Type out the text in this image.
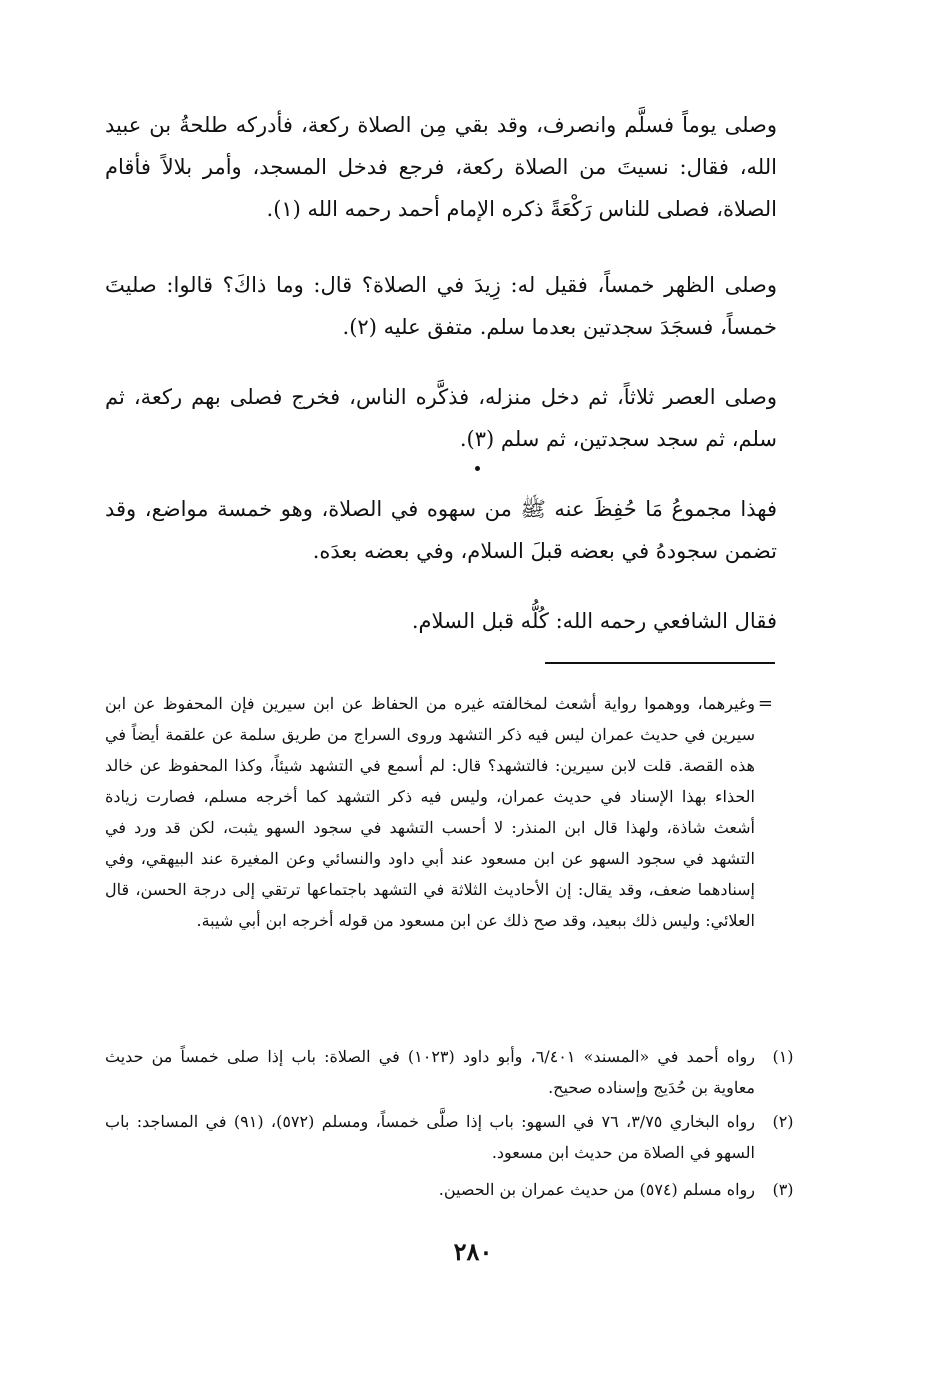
وصلى يوماً فسلَّم وانصرف، وقد بقي مِن الصلاة ركعة، فأدركه طلحةُ بن عبيد الله، فقال: نسيتَ من الصلاة ركعة، فرجع فدخل المسجد، وأمر بلالاً فأقام الصلاة، فصلى للناس رَكْعَةً ذكره الإمام أحمد رحمه الله (١).

وصلى الظهر خمساً، فقيل له: زِيدَ في الصلاة؟ قال: وما ذاكَ؟ قالوا: صليتَ خمساً، فسجَدَ سجدتين بعدما سلم. متفق عليه (٢).

وصلى العصر ثلاثاً، ثم دخل منزله، فذكَّره الناس، فخرج فصلى بهم ركعة، ثم سلم، ثم سجد سجدتين، ثم سلم (٣).

فهذا مجموعُ مَا حُفِظَ عنه ﷺ من سهوه في الصلاة، وهو خمسة مواضع، وقد تضمن سجودهُ في بعضه قبلَ السلام، وفي بعضه بعدَه.

فقال الشافعي رحمه الله: كُلُّه قبل السلام.

=
وغيرهما، ووهموا رواية أشعث لمخالفته غيره من الحفاظ عن ابن سيرين فإن المحفوظ عن ابن سيرين في حديث عمران ليس فيه ذكر التشهد وروى السراج من طريق سلمة عن علقمة أيضاً في هذه القصة. قلت لابن سيرين: فالتشهد؟ قال: لم أسمع في التشهد شيئاً، وكذا المحفوظ عن خالد الحذاء بهذا الإسناد في حديث عمران، وليس فيه ذكر التشهد كما أخرجه مسلم، فصارت زيادة أشعث شاذة، ولهذا قال ابن المنذر: لا أحسب التشهد في سجود السهو يثبت، لكن قد ورد في التشهد في سجود السهو عن ابن مسعود عند أبي داود والنسائي وعن المغيرة عند البيهقي، وفي إسنادهما ضعف، وقد يقال: إن الأحاديث الثلاثة في التشهد باجتماعها ترتقي إلى درجة الحسن، قال العلائي: وليس ذلك ببعيد، وقد صح ذلك عن ابن مسعود من قوله أخرجه ابن أبي شيبة.
(١)
رواه أحمد في «المسند» ٦/٤٠١، وأبو داود (١٠٢٣) في الصلاة: باب إذا صلى خمساً من حديث معاوية بن حُدَيج وإسناده صحيح.
(٢)
رواه البخاري ٣/٧٥، ٧٦ في السهو: باب إذا صلَّى خمساً، ومسلم (٥٧٢)، (٩١) في المساجد: باب السهو في الصلاة من حديث ابن مسعود.
(٣)
رواه مسلم (٥٧٤) من حديث عمران بن الحصين.
٢٨٠
